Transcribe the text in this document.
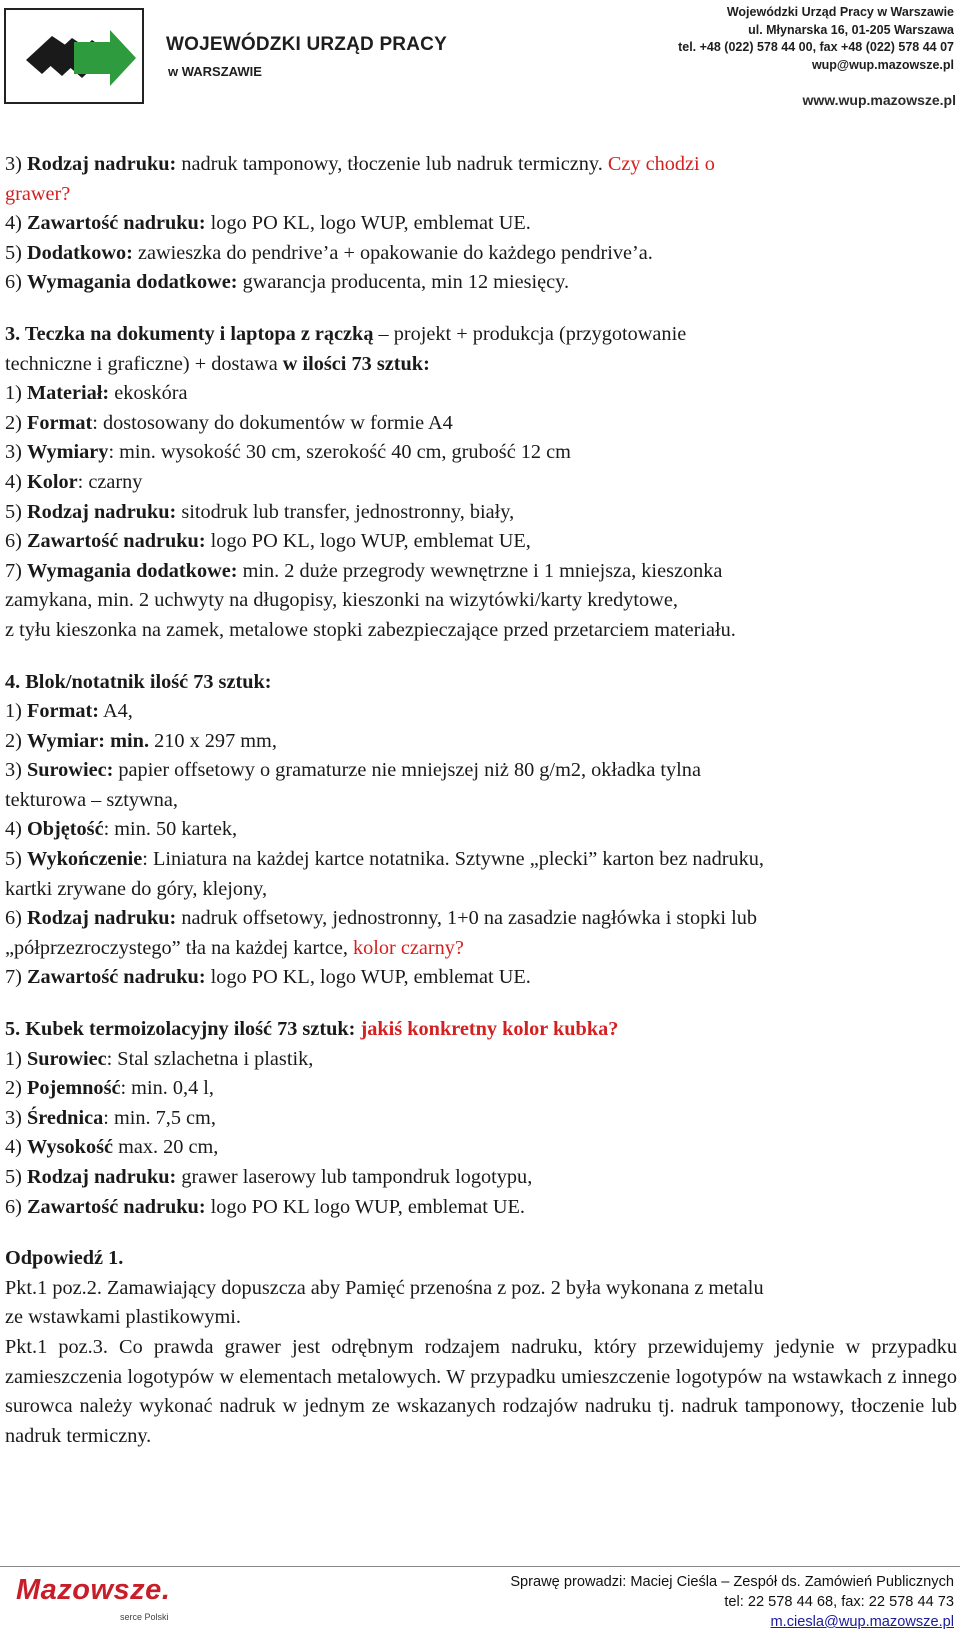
WOJEWÓDZKI URZĄD PRACY
w WARSZAWIE
Wojewódzki Urząd Pracy w Warszawie
ul. Młynarska 16, 01-205 Warszawa
tel. +48 (022) 578 44 00, fax +48 (022) 578 44 07
wup@wup.mazowsze.pl
www.wup.mazowsze.pl

3) Rodzaj nadruku: nadruk tamponowy, tłoczenie lub nadruk termiczny. Czy chodzi o

grawer?

4) Zawartość nadruku: logo PO KL, logo WUP, emblemat UE.

5) Dodatkowo: zawieszka do pendrive’a + opakowanie do każdego pendrive’a.

6) Wymagania dodatkowe: gwarancja producenta, min 12 miesięcy.

3. Teczka na dokumenty i laptopa z rączką – projekt + produkcja (przygotowanie

techniczne i graficzne) + dostawa w ilości 73 sztuk:

1) Materiał: ekoskóra

2) Format: dostosowany do dokumentów w formie A4

3) Wymiary: min. wysokość 30 cm, szerokość 40 cm, grubość 12 cm

4) Kolor: czarny

5) Rodzaj nadruku: sitodruk lub transfer, jednostronny, biały,

6) Zawartość nadruku: logo PO KL, logo WUP, emblemat UE,

7) Wymagania dodatkowe: min. 2 duże przegrody wewnętrzne i 1 mniejsza, kieszonka

zamykana, min. 2 uchwyty na długopisy, kieszonki na wizytówki/karty kredytowe,

z tyłu kieszonka na zamek, metalowe stopki zabezpieczające przed przetarciem materiału.

4. Blok/notatnik ilość 73 sztuk:

1) Format: A4,

2) Wymiar: min. 210 x 297 mm,

3) Surowiec: papier offsetowy o gramaturze nie mniejszej niż 80 g/m2, okładka tylna

tekturowa – sztywna,

4) Objętość: min. 50 kartek,

5) Wykończenie: Liniatura na każdej kartce notatnika. Sztywne „plecki” karton bez nadruku,

kartki zrywane do góry, klejony,

6) Rodzaj nadruku: nadruk offsetowy, jednostronny, 1+0 na zasadzie nagłówka i stopki lub

„półprzezroczystego” tła na każdej kartce, kolor czarny?

7) Zawartość nadruku: logo PO KL, logo WUP, emblemat UE.

5. Kubek termoizolacyjny ilość 73 sztuk: jakiś konkretny kolor kubka?

1) Surowiec: Stal szlachetna i plastik,

2) Pojemność: min. 0,4 l,

3) Średnica: min. 7,5 cm,

4) Wysokość max. 20 cm,

5) Rodzaj nadruku: grawer laserowy lub tampondruk logotypu,

6) Zawartość nadruku: logo PO KL logo WUP, emblemat UE.

Odpowiedź 1.

Pkt.1 poz.2. Zamawiający dopuszcza aby Pamięć przenośna z poz. 2 była wykonana z metalu

ze wstawkami plastikowymi.

Pkt.1 poz.3. Co prawda grawer jest odrębnym rodzajem nadruku, który przewidujemy jedynie w przypadku zamieszczenia logotypów w elementach metalowych. W przypadku umieszczenie logotypów na wstawkach z innego surowca należy wykonać nadruk w jednym ze wskazanych rodzajów nadruku tj. nadruk tamponowy, tłoczenie lub nadruk termiczny.

Mazowsze.
serce Polski
Sprawę prowadzi: Maciej Cieśla – Zespół ds. Zamówień Publicznych
tel: 22 578 44 68, fax: 22 578 44 73
m.ciesla@wup.mazowsze.pl
